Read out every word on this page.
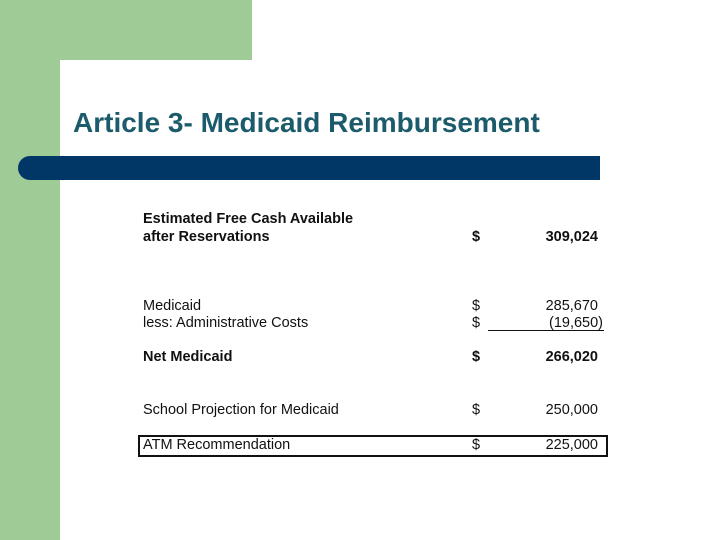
Article 3- Medicaid Reimbursement
Estimated Free Cash Available
after Reservations	$	309,024
Medicaid	$	285,670
less: Administrative Costs	$	(19,650)
Net Medicaid	$	266,020
School Projection for Medicaid	$	250,000
ATM Recommendation	$	225,000
